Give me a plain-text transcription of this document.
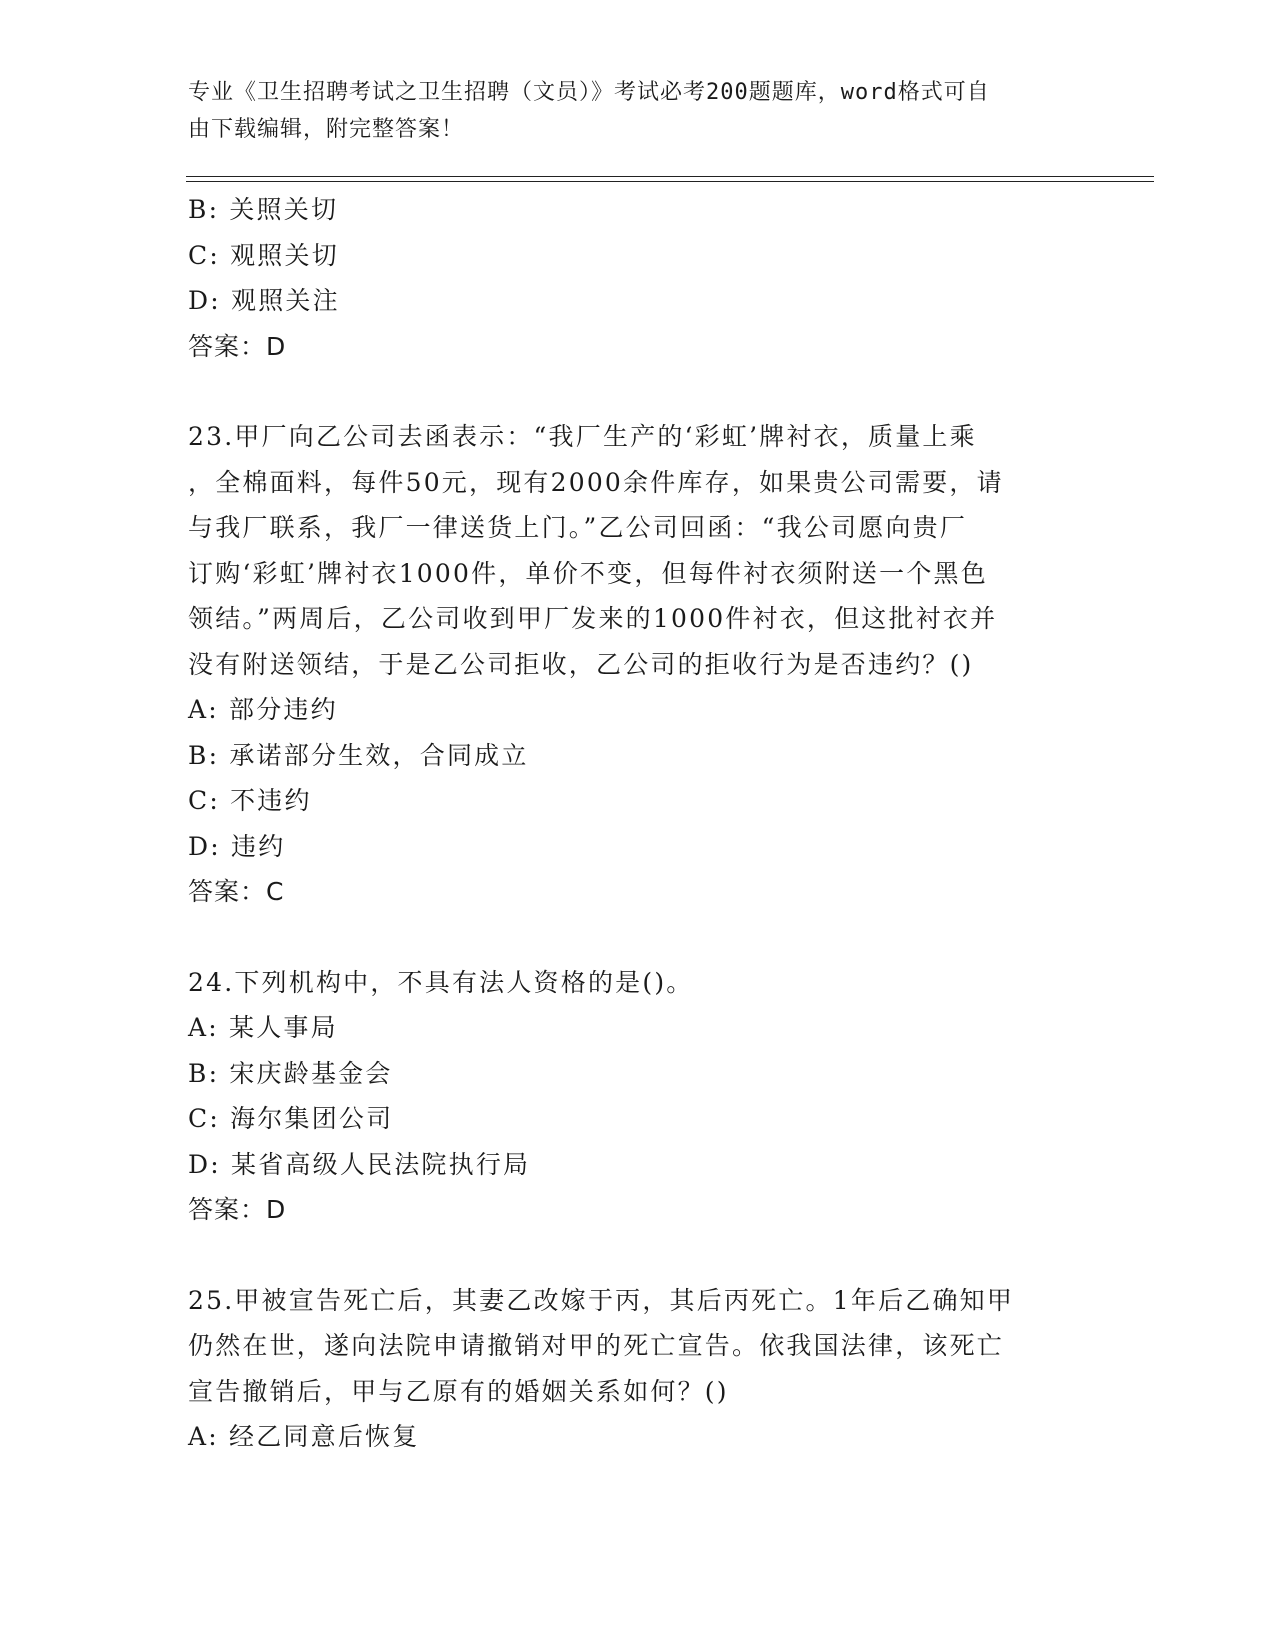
专业《卫生招聘考试之卫生招聘（文员）》考试必考200题题库，word格式可自
由下载编辑，附完整答案！
B: 关照关切
C: 观照关切
D: 观照关注
答案：D
23.甲厂向乙公司去函表示：“我厂生产的‘彩虹’牌衬衣，质量上乘
，全棉面料，每件50元，现有2000余件库存，如果贵公司需要，请
与我厂联系，我厂一律送货上门。”乙公司回函：“我公司愿向贵厂
订购‘彩虹’牌衬衣1000件，单价不变，但每件衬衣须附送一个黑色
领结。”两周后，乙公司收到甲厂发来的1000件衬衣，但这批衬衣并
没有附送领结，于是乙公司拒收，乙公司的拒收行为是否违约？()
A: 部分违约
B: 承诺部分生效，合同成立
C: 不违约
D: 违约
答案：C
24.下列机构中，不具有法人资格的是()。
A: 某人事局
B: 宋庆龄基金会
C: 海尔集团公司
D: 某省高级人民法院执行局
答案：D
25.甲被宣告死亡后，其妻乙改嫁于丙，其后丙死亡。1年后乙确知甲
仍然在世，遂向法院申请撤销对甲的死亡宣告。依我国法律，该死亡
宣告撤销后，甲与乙原有的婚姻关系如何？()
A: 经乙同意后恢复
